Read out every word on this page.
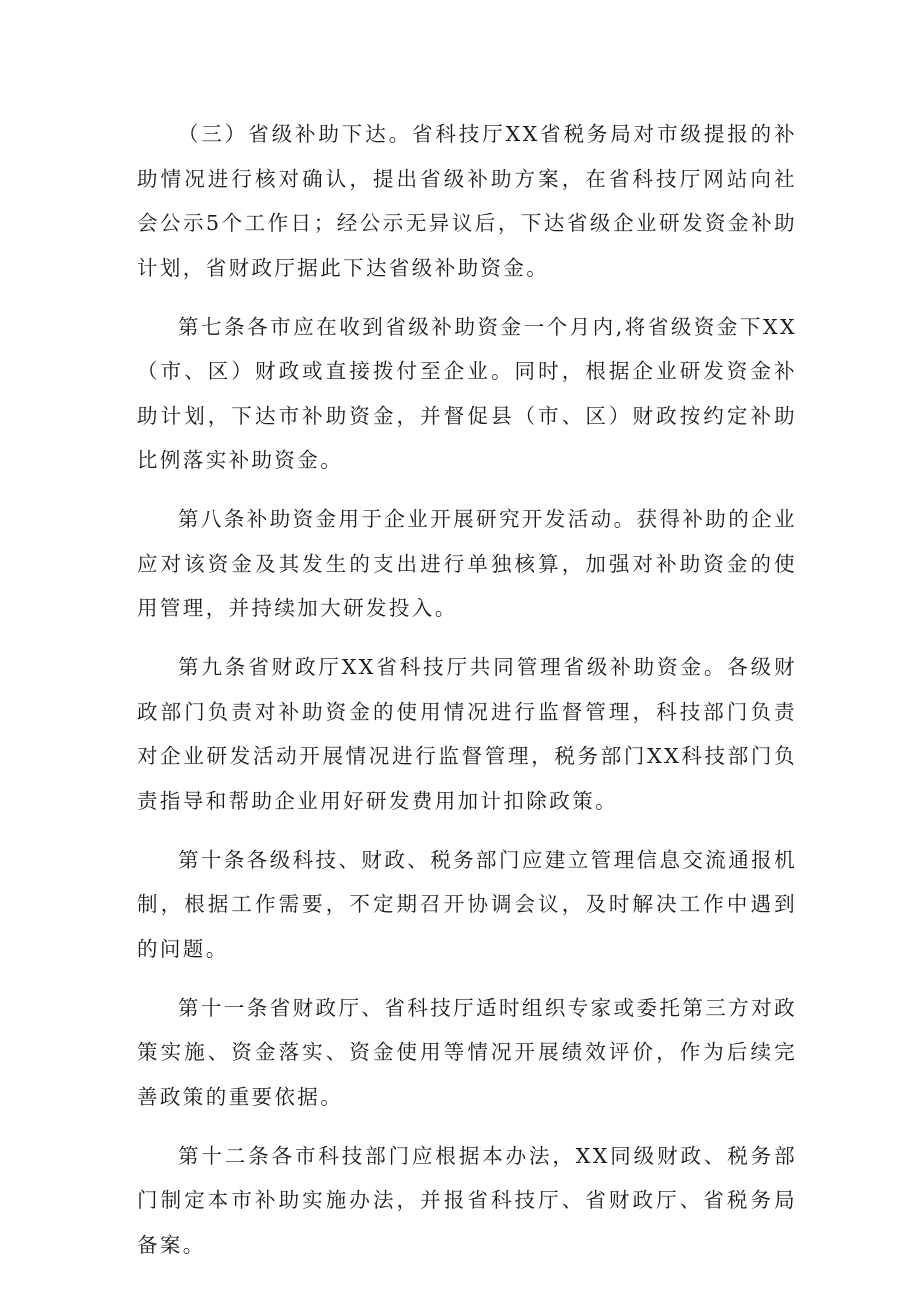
（三）省级补助下达。省科技厅XX省税务局对市级提报的补助情况进行核对确认，提出省级补助方案，在省科技厅网站向社会公示5个工作日；经公示无异议后，下达省级企业研发资金补助计划，省财政厅据此下达省级补助资金。

第七条各市应在收到省级补助资金一个月内,将省级资金下XX（市、区）财政或直接拨付至企业。同时，根据企业研发资金补助计划，下达市补助资金，并督促县（市、区）财政按约定补助比例落实补助资金。

第八条补助资金用于企业开展研究开发活动。获得补助的企业应对该资金及其发生的支出进行单独核算，加强对补助资金的使用管理，并持续加大研发投入。

第九条省财政厅XX省科技厅共同管理省级补助资金。各级财政部门负责对补助资金的使用情况进行监督管理，科技部门负责对企业研发活动开展情况进行监督管理，税务部门XX科技部门负责指导和帮助企业用好研发费用加计扣除政策。

第十条各级科技、财政、税务部门应建立管理信息交流通报机制，根据工作需要，不定期召开协调会议，及时解决工作中遇到的问题。

第十一条省财政厅、省科技厅适时组织专家或委托第三方对政策实施、资金落实、资金使用等情况开展绩效评价，作为后续完善政策的重要依据。

第十二条各市科技部门应根据本办法，XX同级财政、税务部门制定本市补助实施办法，并报省科技厅、省财政厅、省税务局备案。
